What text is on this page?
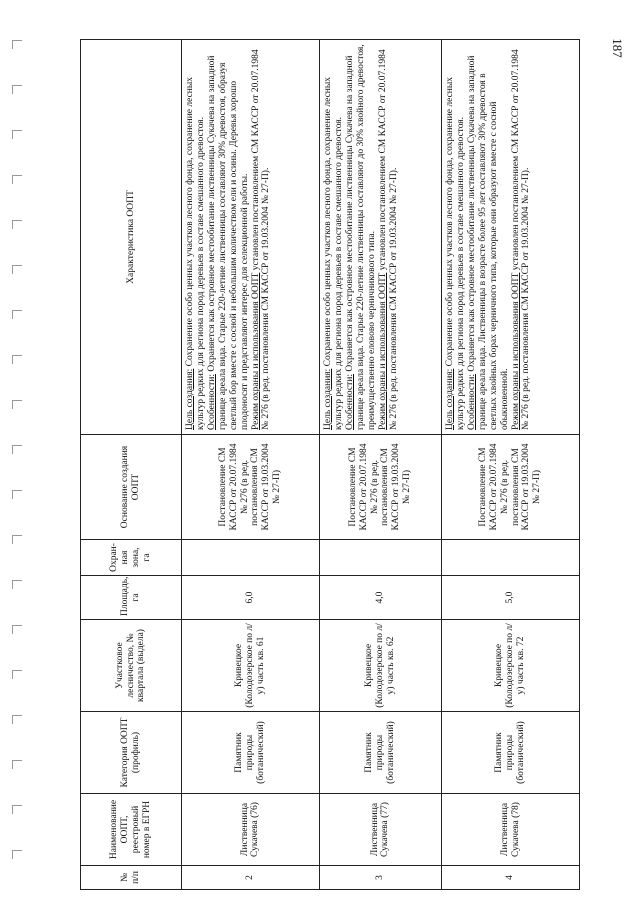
187
№ п/п	Наименование ООПТ, реестровый номер в ЕГРН	Категория ООПТ (профиль)	Участковое лесничество, № квартала (выдела)	Площадь, га	Охран-ная зона, га	Основание создания ООПТ	Характеристика ООПТ
2	Лиственница Сукачева (76)	Памятник природы (ботанический)	Кривецкое (Колодозерское по л/у) часть кв. 61	6,0		Постановление СМ КАССР от 20.07.1984 № 276 (в ред. постановления СМ КАССР от 19.03.2004 № 27-П)	Цель создания: Сохранение особо ценных участков лесного фонда, сохранение лесных культур редких для региона пород деревьев в составе смешанного древостоя. Особенности: Охраняется как островное местообитание лиственницы Сукачева на западной границе ареала вида. Старые 220-летние лиственницы составляют 30% древостоя, образуя светлый бор вместе с сосной и небольшим количеством ели и осины. Деревья хорошо плодоносят и представляют интерес для селекционной работы. Режим охраны и использования ООПТ установлен постановлением СМ КАССР от 20.07.1984 № 276 (в ред. постановления СМ КАССР от 19.03.2004 № 27-П).

3	Лиственница Сукачева (77)	Памятник природы (ботанический)	Кривецкое (Колодозерское по л/у) часть кв. 62	4,0		Постановление СМ КАССР от 20.07.1984 № 276 (в ред. постановления СМ КАССР от 19.03.2004 № 27-П)	Цель создания: Сохранение особо ценных участков лесного фонда, сохранение лесных культур редких для региона пород деревьев в составе смешанного древостоя. Особенности: Охраняется как островное местообитание лиственницы Сукачева на западной границе ареала вида. Старые 220-летние лиственницы составляют до 30% хвойного древостоя, преимущественно еловово черничникового типа. Режим охраны и использования ООПТ установлен постановлением СМ КАССР от 20.07.1984 № 276 (в ред. постановления СМ КАССР от 19.03.2004 № 27-П).

4	Лиственница Сукачева (78)	Памятник природы (ботанический)	Кривецкое (Колодозерское по л/у) часть кв. 72	5,0		Постановление СМ КАССР от 20.07.1984 № 276 (в ред. постановления СМ КАССР от 19.03.2004 № 27-П)	Цель создания: Сохранение особо ценных участков лесного фонда, сохранение лесных культур редких для региона пород деревьев в составе смешанного древостоя. Особенности: Охраняется как островное местообитание лиственницы Сукачева на западной границе ареала вида. Лиственницы в возрасте более 95 лет составляют 30% древостоя в светлых хвойных борах черничного типа, которые они образуют вместе с сосной обыкновенной. Режим охраны и использования ООПТ установлен постановлением СМ КАССР от 20.07.1984 № 276 (в ред. постановления СМ КАССР от 19.03.2004 № 27-П).
